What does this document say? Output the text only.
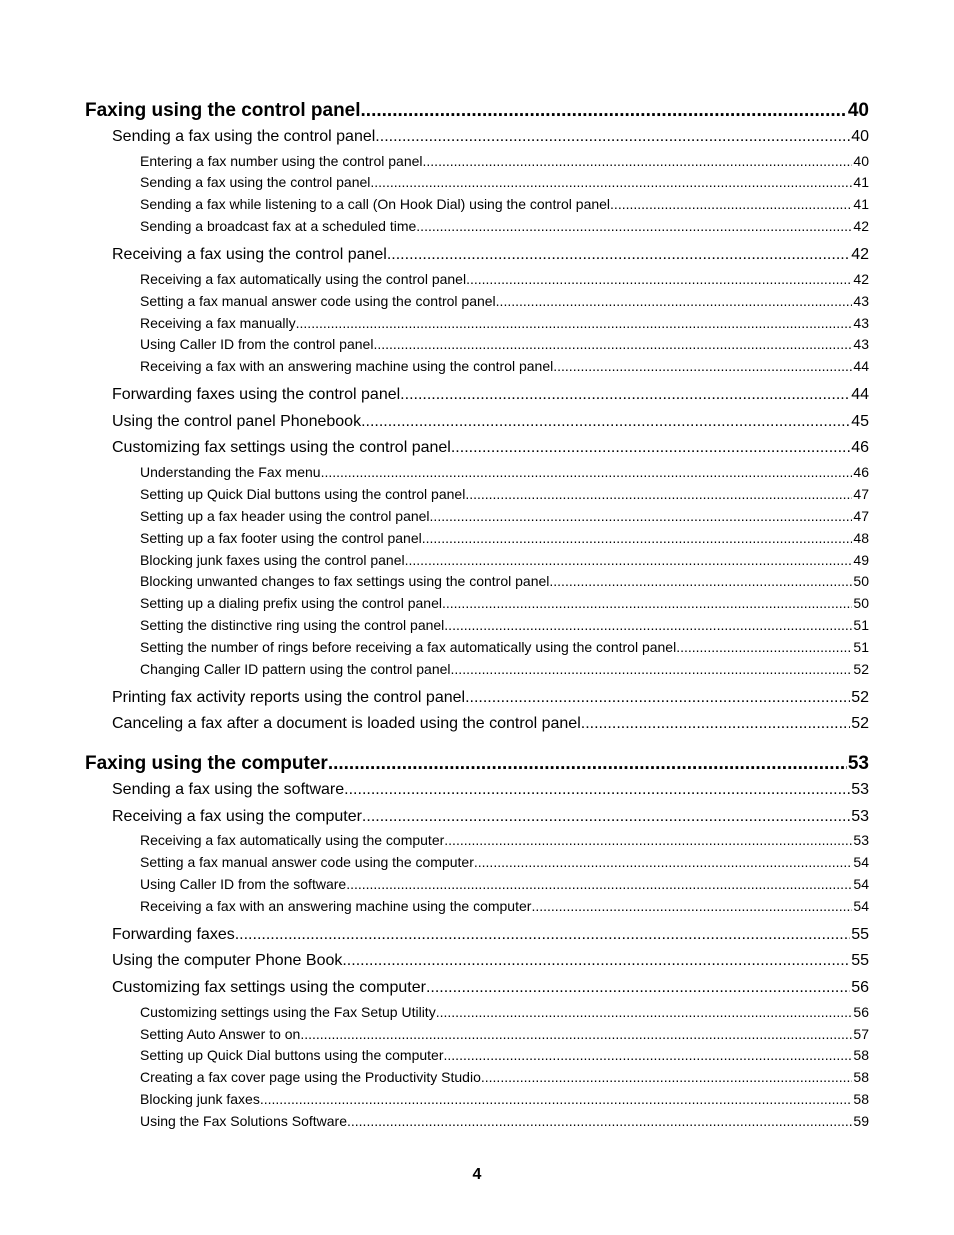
Faxing using the control panel .....	40
Sending a fax using the control panel .....	40
Entering a fax number using the control panel .....	40
Sending a fax using the control panel .....	41
Sending a fax while listening to a call (On Hook Dial) using the control panel .....	41
Sending a broadcast fax at a scheduled time .....	42
Receiving a fax using the control panel .....	42
Receiving a fax automatically using the control panel .....	42
Setting a fax manual answer code using the control panel .....	43
Receiving a fax manually .....	43
Using Caller ID from the control panel .....	43
Receiving a fax with an answering machine using the control panel .....	44
Forwarding faxes using the control panel .....	44
Using the control panel Phonebook .....	45
Customizing fax settings using the control panel .....	46
Understanding the Fax menu .....	46
Setting up Quick Dial buttons using the control panel .....	47
Setting up a fax header using the control panel .....	47
Setting up a fax footer using the control panel .....	48
Blocking junk faxes using the control panel .....	49
Blocking unwanted changes to fax settings using the control panel .....	50
Setting up a dialing prefix using the control panel .....	50
Setting the distinctive ring using the control panel .....	51
Setting the number of rings before receiving a fax automatically using the control panel .....	51
Changing Caller ID pattern using the control panel .....	52
Printing fax activity reports using the control panel .....	52
Canceling a fax after a document is loaded using the control panel .....	52
Faxing using the computer .....	53
Sending a fax using the software .....	53
Receiving a fax using the computer .....	53
Receiving a fax automatically using the computer .....	53
Setting a fax manual answer code using the computer .....	54
Using Caller ID from the software .....	54
Receiving a fax with an answering machine using the computer .....	54
Forwarding faxes .....	55
Using the computer Phone Book .....	55
Customizing fax settings using the computer .....	56
Customizing settings using the Fax Setup Utility .....	56
Setting Auto Answer to on .....	57
Setting up Quick Dial buttons using the computer .....	58
Creating a fax cover page using the Productivity Studio .....	58
Blocking junk faxes .....	58
Using the Fax Solutions Software .....	59
4
